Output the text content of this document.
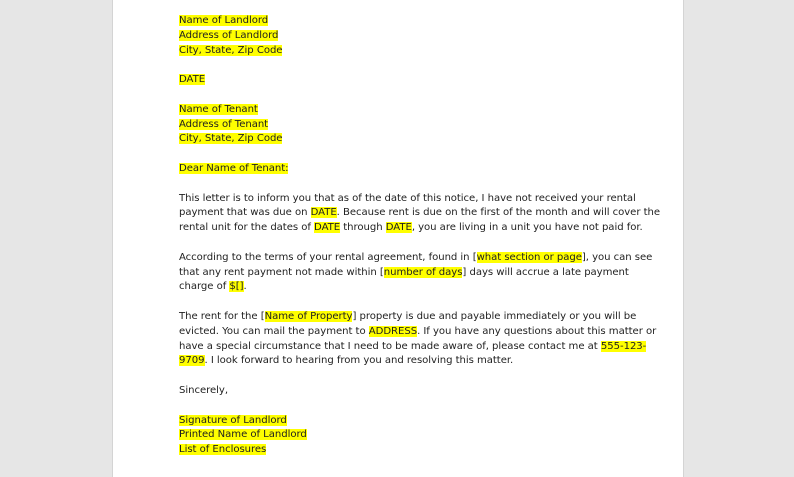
Name of Landlord
Address of Landlord
City, State, Zip Code
DATE
Name of Tenant
Address of Tenant
City, State, Zip Code
Dear Name of Tenant:
This letter is to inform you that as of the date of this notice, I have not received your rental
payment that was due on DATE. Because rent is due on the first of the month and will cover the
rental unit for the dates of DATE through DATE, you are living in a unit you have not paid for.
According to the terms of your rental agreement, found in [what section or page], you can see
that any rent payment not made within [number of days] days will accrue a late payment
charge of $[].
The rent for the [Name of Property] property is due and payable immediately or you will be
evicted. You can mail the payment to ADDRESS. If you have any questions about this matter or
have a special circumstance that I need to be made aware of, please contact me at 555-123-
9709. I look forward to hearing from you and resolving this matter.
Sincerely,
Signature of Landlord
Printed Name of Landlord
List of Enclosures
